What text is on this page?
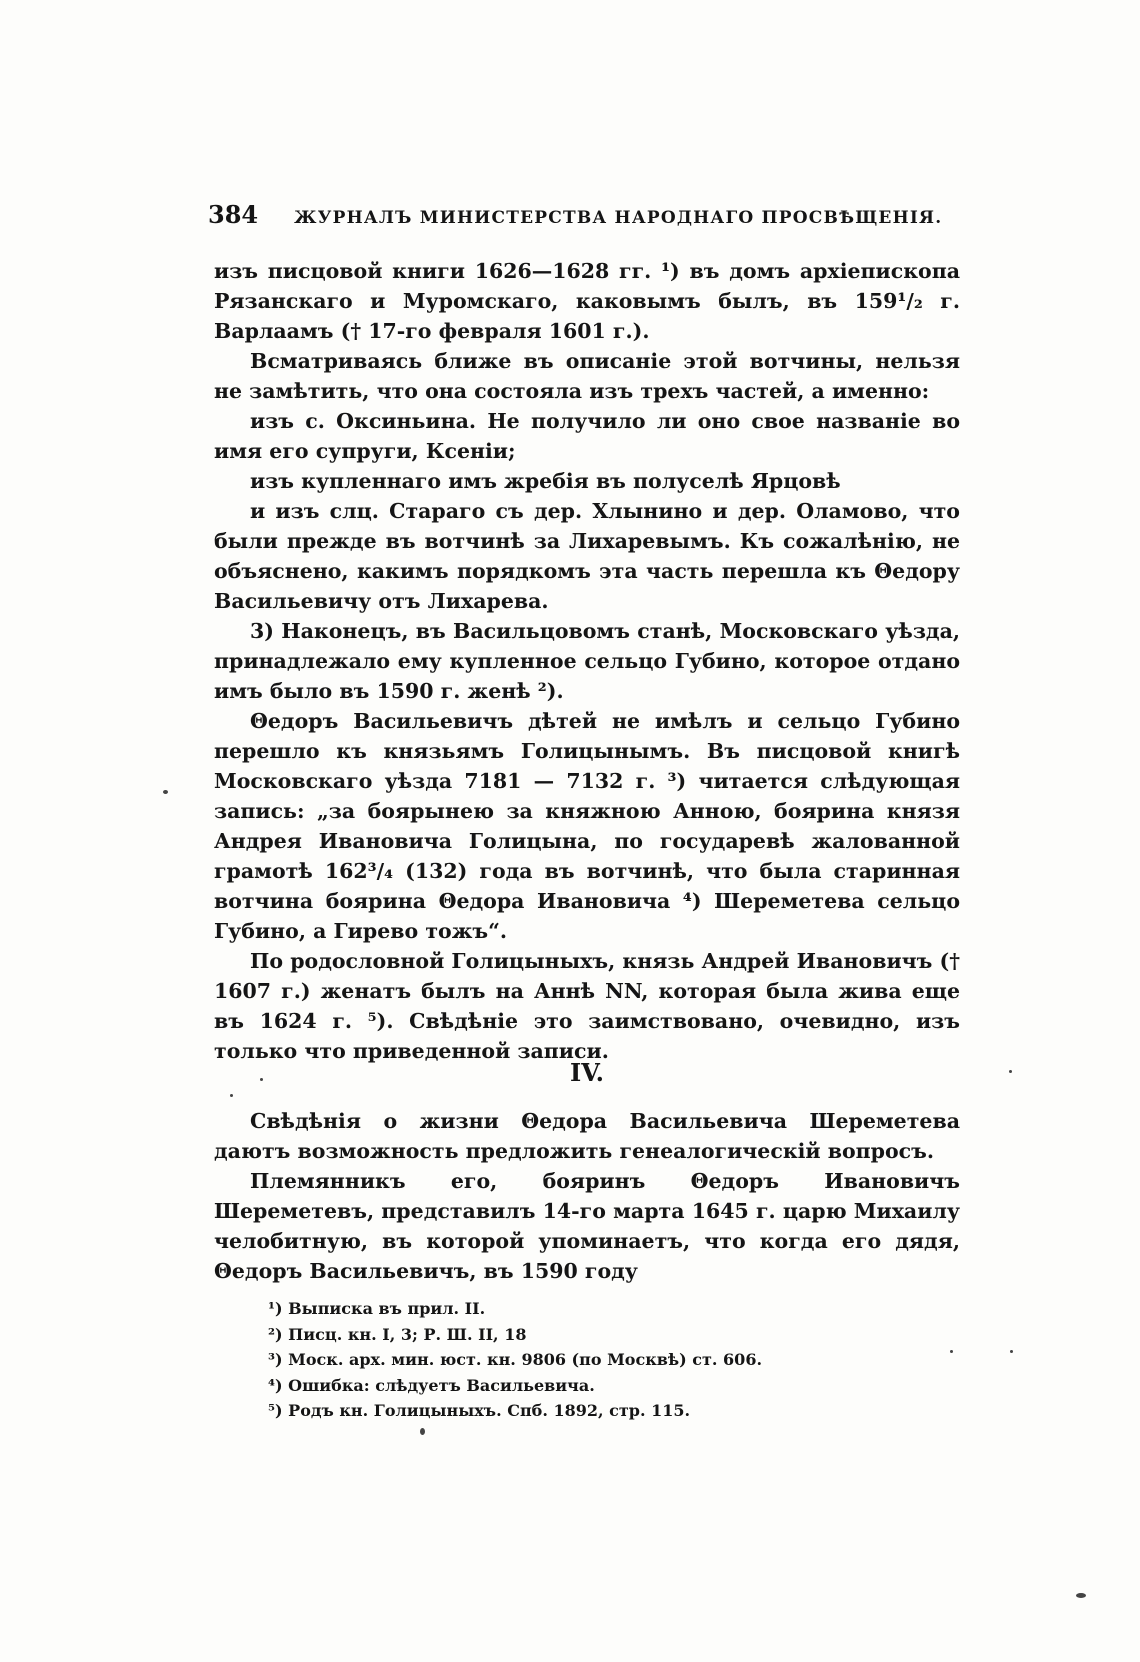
384 ЖУРНАЛЪ МИНИСТЕРСТВА НАРОДНАГО ПРОСВѢЩЕНІЯ.

изъ писцовой книги 1626—1628 гг. ¹) въ домъ архіепископа Рязанскаго и Муромскаго, каковымъ былъ, въ 159¹/₂ г. Варлаамъ († 17-го февраля 1601 г.).

Всматриваясь ближе въ описаніе этой вотчины, нельзя не замѣтить, что она состояла изъ трехъ частей, а именно:

изъ с. Оксиньина. Не получило ли оно свое названіе во имя его супруги, Ксеніи;

изъ купленнаго имъ жребія въ полуселѣ Ярцовѣ

и изъ слц. Стараго съ дер. Хлынино и дер. Оламово, что были прежде въ вотчинѣ за Лихаревымъ. Къ сожалѣнію, не объяснено, какимъ порядкомъ эта часть перешла къ Θедору Васильевичу отъ Лихарева.

3) Наконецъ, въ Васильцовомъ станѣ, Московскаго уѣзда, принадлежало ему купленное сельцо Губино, которое отдано имъ было въ 1590 г. женѣ ²).

Θедоръ Васильевичъ дѣтей не имѣлъ и сельцо Губино перешло къ князьямъ Голицынымъ. Въ писцовой книгѣ Московскаго уѣзда 7181 — 7132 г. ³) читается слѣдующая запись: „за боярынею за княжною Анною, боярина князя Андрея Ивановича Голицына, по государевѣ жалованной грамотѣ 162³/₄ (132) года въ вотчинѣ, что была старинная вотчина боярина Θедора Ивановича ⁴) Шереметева сельцо Губино, а Гирево тожъ“.

По родословной Голицыныхъ, князь Андрей Ивановичъ († 1607 г.) женатъ былъ на Аннѣ NN, которая была жива еще въ 1624 г. ⁵). Свѣдѣніе это заимствовано, очевидно, изъ только что приведенной записи.

IV.

Свѣдѣнія о жизни Θедора Васильевича Шереметева даютъ возможность предложить генеалогическій вопросъ.

Племянникъ его, бояринъ Θедоръ Ивановичъ Шереметевъ, представилъ 14-го марта 1645 г. царю Михаилу челобитную, въ которой упоминаетъ, что когда его дядя, Θедоръ Васильевичъ, въ 1590 году

¹) Выписка въ прил. II.
²) Писц. кн. I, 3; Р. Ш. II, 18
³) Моск. арх. мин. юст. кн. 9806 (по Москвѣ) ст. 606.
⁴) Ошибка: слѣдуетъ Васильевича.
⁵) Родъ кн. Голицыныхъ. Спб. 1892, стр. 115.
